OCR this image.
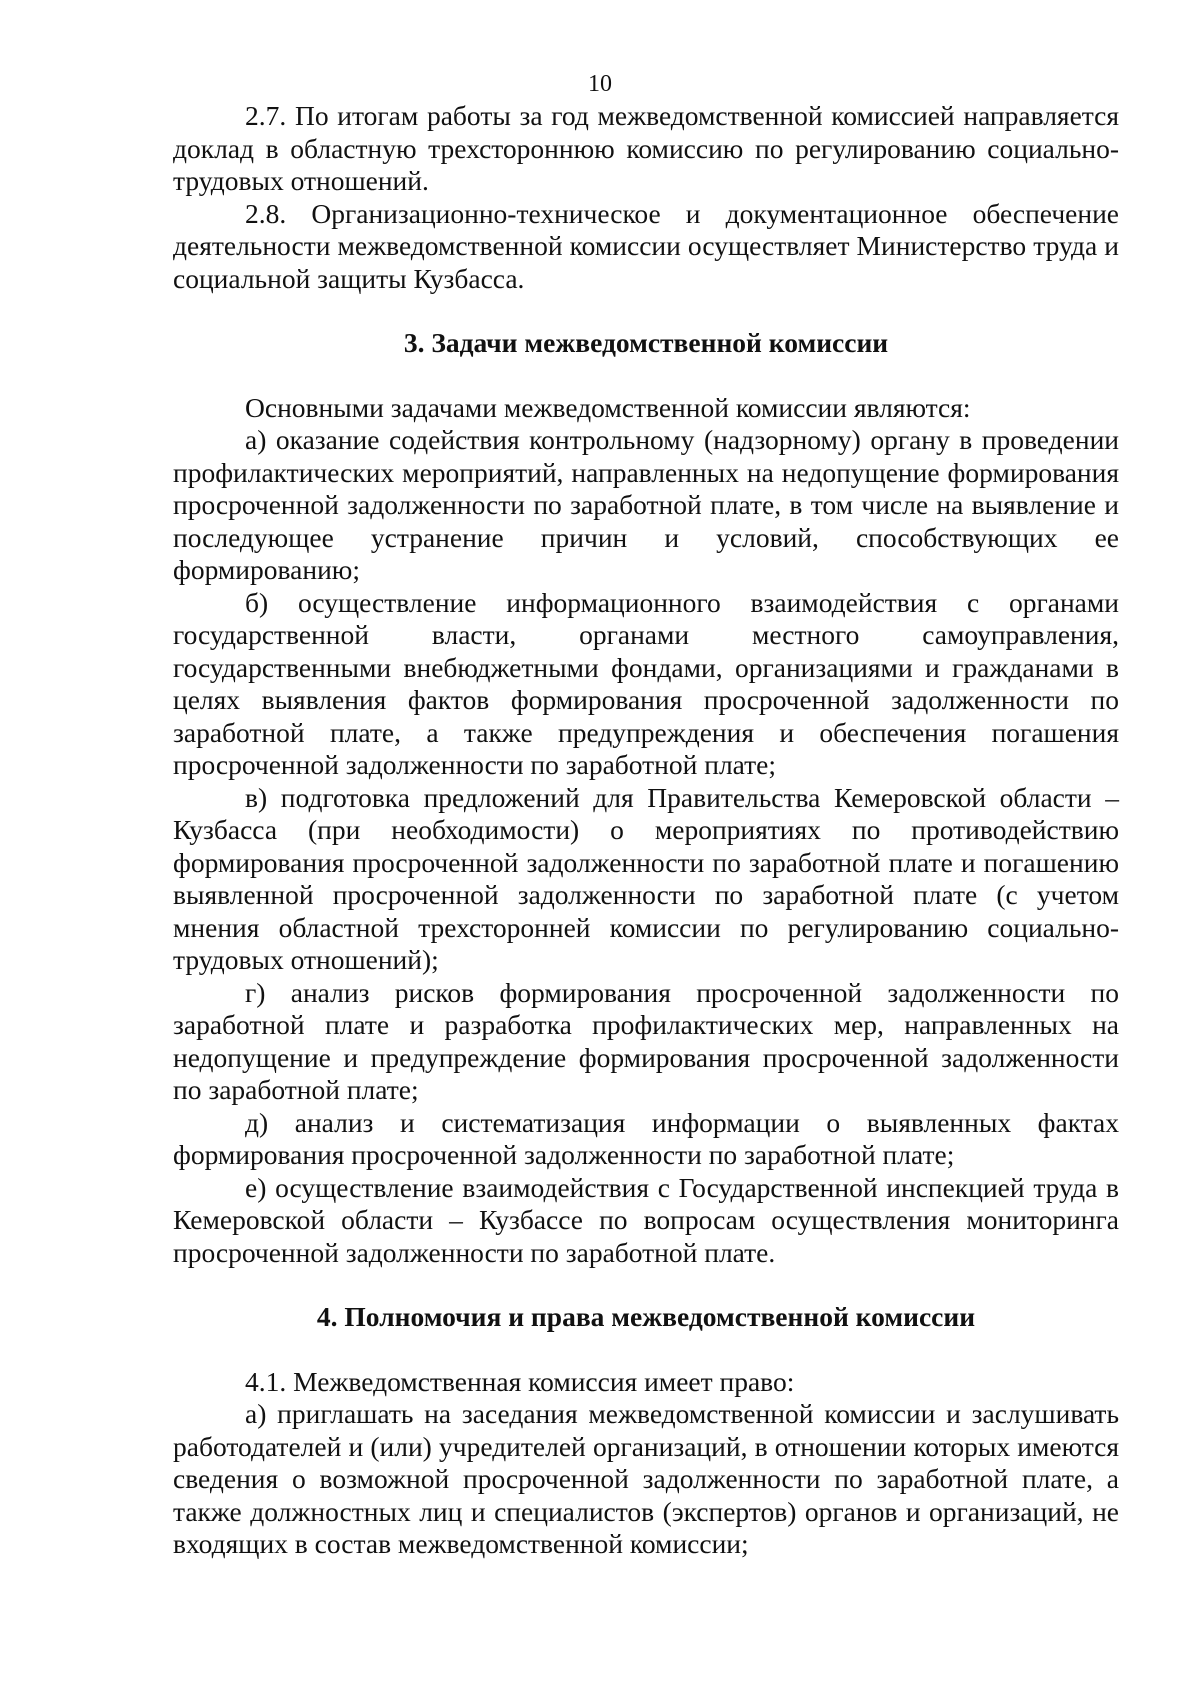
10

2.7. По итогам работы за год межведомственной комиссией направляется доклад в областную трехстороннюю комиссию по регулированию социально-трудовых отношений.

2.8. Организационно-техническое и документационное обеспечение деятельности межведомственной комиссии осуществляет Министерство труда и социальной защиты Кузбасса.

3. Задачи межведомственной комиссии

Основными задачами межведомственной комиссии являются:

а) оказание содействия контрольному (надзорному) органу в проведении профилактических мероприятий, направленных на недопущение формирования просроченной задолженности по заработной плате, в том числе на выявление и последующее устранение причин и условий, способствующих ее формированию;

б) осуществление информационного взаимодействия с органами государственной власти, органами местного самоуправления, государственными внебюджетными фондами, организациями и гражданами в целях выявления фактов формирования просроченной задолженности по заработной плате, а также предупреждения и обеспечения погашения просроченной задолженности по заработной плате;

в) подготовка предложений для Правительства Кемеровской области – Кузбасса (при необходимости) о мероприятиях по противодействию формирования просроченной задолженности по заработной плате и погашению выявленной просроченной задолженности по заработной плате (с учетом мнения областной трехсторонней комиссии по регулированию социально-трудовых отношений);

г) анализ рисков формирования просроченной задолженности по заработной плате и разработка профилактических мер, направленных на недопущение и предупреждение формирования просроченной задолженности по заработной плате;

д) анализ и систематизация информации о выявленных фактах формирования просроченной задолженности по заработной плате;

е) осуществление взаимодействия с Государственной инспекцией труда в Кемеровской области – Кузбассе по вопросам осуществления мониторинга просроченной задолженности по заработной плате.

4. Полномочия и права межведомственной комиссии

4.1. Межведомственная комиссия имеет право:

а) приглашать на заседания межведомственной комиссии и заслушивать работодателей и (или) учредителей организаций, в отношении которых имеются сведения о возможной просроченной задолженности по заработной плате, а также должностных лиц и специалистов (экспертов) органов и организаций, не входящих в состав межведомственной комиссии;
